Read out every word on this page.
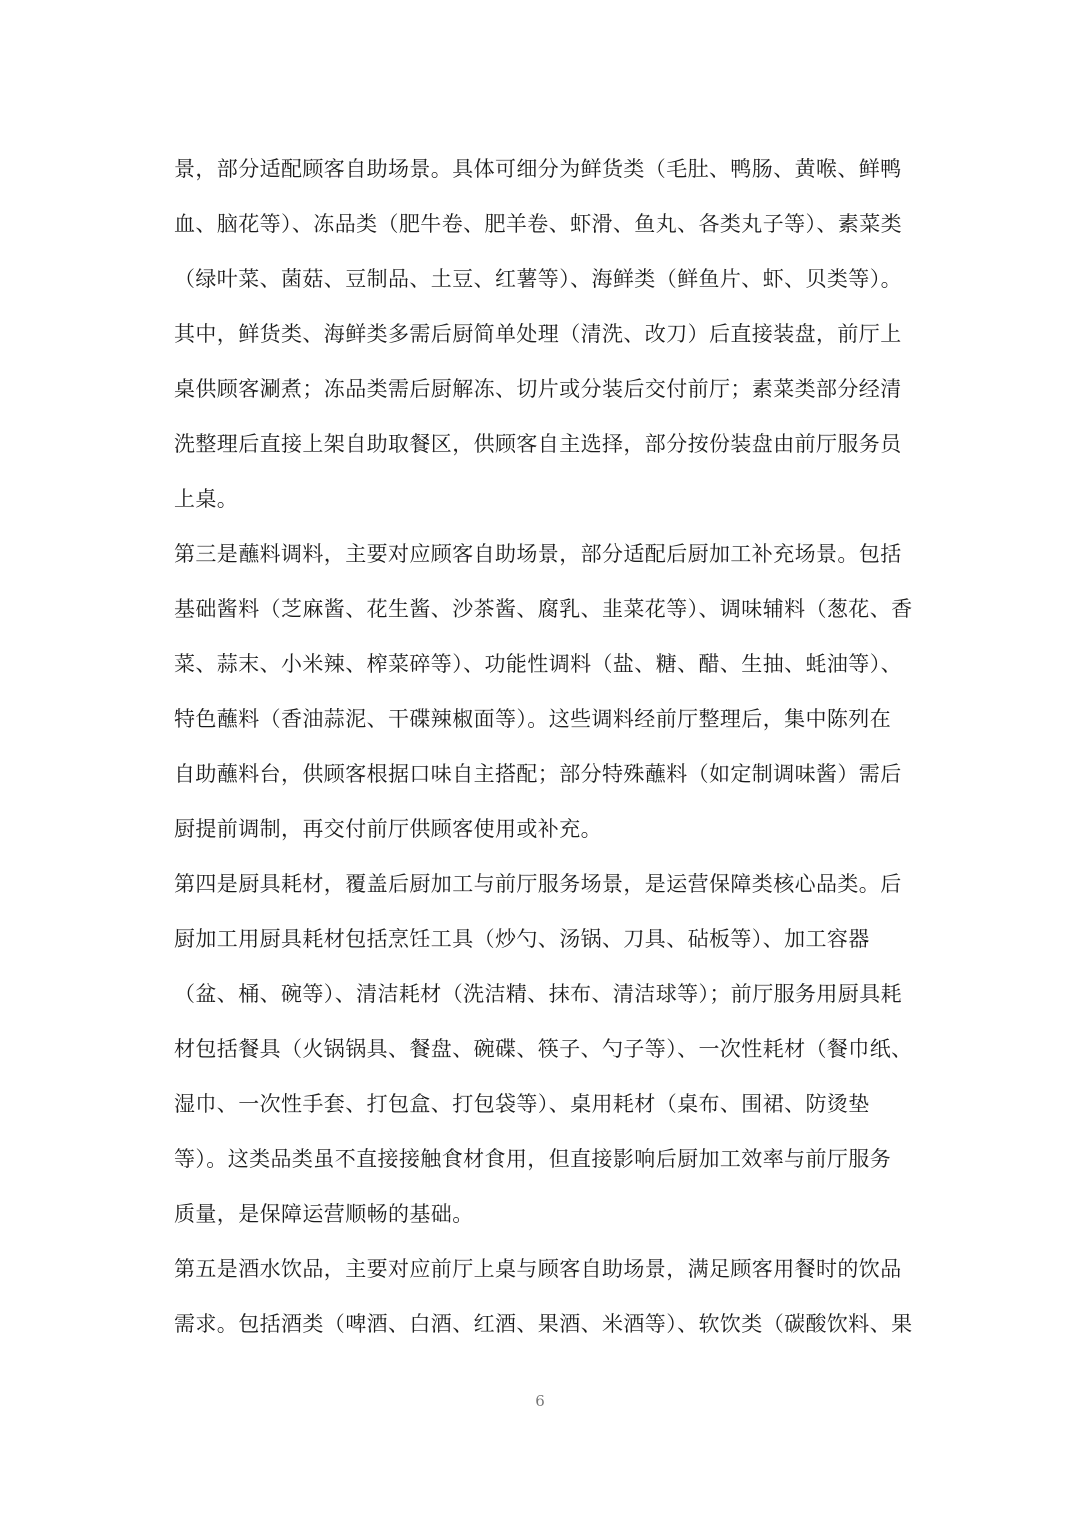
景，部分适配顾客自助场景。具体可细分为鲜货类（毛肚、鸭肠、黄喉、鲜鸭
血、脑花等）、冻品类（肥牛卷、肥羊卷、虾滑、鱼丸、各类丸子等）、素菜类
（绿叶菜、菌菇、豆制品、土豆、红薯等）、海鲜类（鲜鱼片、虾、贝类等）。
其中，鲜货类、海鲜类多需后厨简单处理（清洗、改刀）后直接装盘，前厅上
桌供顾客涮煮；冻品类需后厨解冻、切片或分装后交付前厅；素菜类部分经清
洗整理后直接上架自助取餐区，供顾客自主选择，部分按份装盘由前厅服务员
上桌。
第三是蘸料调料，主要对应顾客自助场景，部分适配后厨加工补充场景。包括
基础酱料（芝麻酱、花生酱、沙茶酱、腐乳、韭菜花等）、调味辅料（葱花、香
菜、蒜末、小米辣、榨菜碎等）、功能性调料（盐、糖、醋、生抽、蚝油等）、
特色蘸料（香油蒜泥、干碟辣椒面等）。这些调料经前厅整理后，集中陈列在
自助蘸料台，供顾客根据口味自主搭配；部分特殊蘸料（如定制调味酱）需后
厨提前调制，再交付前厅供顾客使用或补充。
第四是厨具耗材，覆盖后厨加工与前厅服务场景，是运营保障类核心品类。后
厨加工用厨具耗材包括烹饪工具（炒勺、汤锅、刀具、砧板等）、加工容器
（盆、桶、碗等）、清洁耗材（洗洁精、抹布、清洁球等）；前厅服务用厨具耗
材包括餐具（火锅锅具、餐盘、碗碟、筷子、勺子等）、一次性耗材（餐巾纸、
湿巾、一次性手套、打包盒、打包袋等）、桌用耗材（桌布、围裙、防烫垫
等）。这类品类虽不直接接触食材食用，但直接影响后厨加工效率与前厅服务
质量，是保障运营顺畅的基础。
第五是酒水饮品，主要对应前厅上桌与顾客自助场景，满足顾客用餐时的饮品
需求。包括酒类（啤酒、白酒、红酒、果酒、米酒等）、软饮类（碳酸饮料、果
6
